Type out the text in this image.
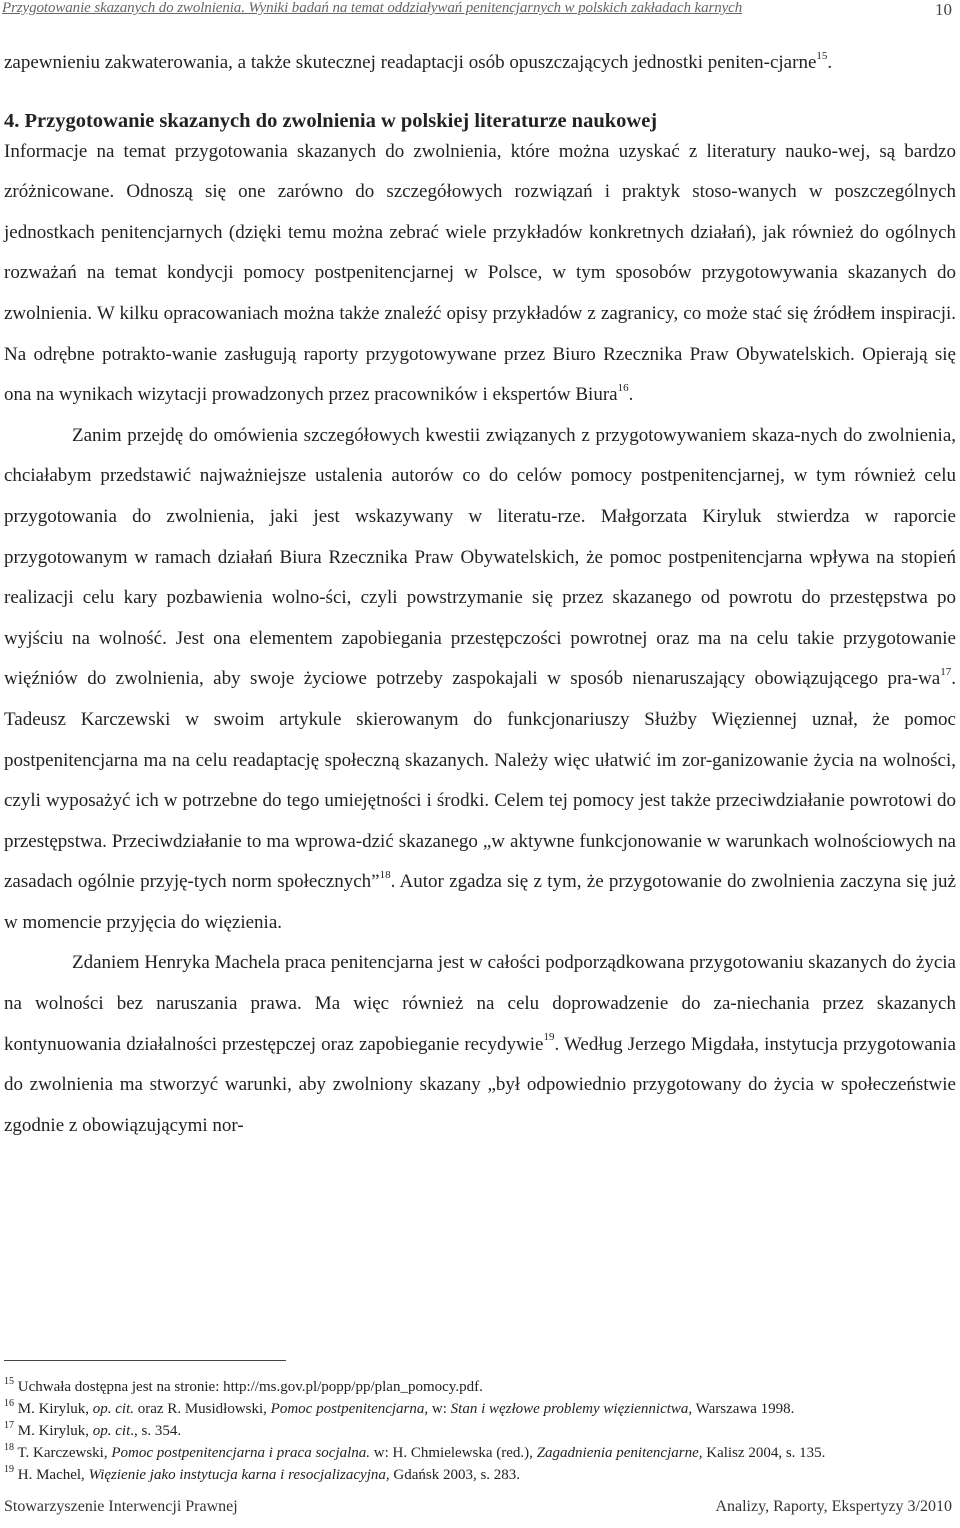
Przygotowanie skazanych do zwolnienia. Wyniki badań na temat oddziaływań penitencjarnych w polskich zakładach karnych	10

zapewnieniu zakwaterowania, a także skutecznej readaptacji osób opuszczających jednostki peniten-cjarne$^{15}$.

4. Przygotowanie skazanych do zwolnienia w polskiej literaturze naukowej

Informacje na temat przygotowania skazanych do zwolnienia, które można uzyskać z literatury nauko-wej, są bardzo zróżnicowane. Odnoszą się one zarówno do szczegółowych rozwiązań i praktyk stoso-wanych w poszczególnych jednostkach penitencjarnych (dzięki temu można zebrać wiele przykładów konkretnych działań), jak również do ogólnych rozważań na temat kondycji pomocy postpenitencjarnej w Polsce, w tym sposobów przygotowywania skazanych do zwolnienia. W kilku opracowaniach można także znaleźć opisy przykładów z zagranicy, co może stać się źródłem inspiracji. Na odrębne potrakto-wanie zasługują raporty przygotowywane przez Biuro Rzecznika Praw Obywatelskich. Opierają się ona na wynikach wizytacji prowadzonych przez pracowników i ekspertów Biura$^{16}$.

Zanim przejdę do omówienia szczegółowych kwestii związanych z przygotowywaniem skaza-nych do zwolnienia, chciałabym przedstawić najważniejsze ustalenia autorów co do celów pomocy postpenitencjarnej, w tym również celu przygotowania do zwolnienia, jaki jest wskazywany w literatu-rze. Małgorzata Kiryluk stwierdza w raporcie przygotowanym w ramach działań Biura Rzecznika Praw Obywatelskich, że pomoc postpenitencjarna wpływa na stopień realizacji celu kary pozbawienia wolno-ści, czyli powstrzymanie się przez skazanego od powrotu do przestępstwa po wyjściu na wolność. Jest ona elementem zapobiegania przestępczości powrotnej oraz ma na celu takie przygotowanie więźniów do zwolnienia, aby swoje życiowe potrzeby zaspokajali w sposób nienaruszający obowiązującego pra-$wa^{17}$. Tadeusz Karczewski w swoim artykule skierowanym do funkcjonariuszy Służby Więziennej uznał, że pomoc postpenitencjarna ma na celu readaptację społeczną skazanych. Należy więc ułatwić im zor-ganizowanie życia na wolności, czyli wyposażyć ich w potrzebne do tego umiejętności i środki. Celem tej pomocy jest także przeciwdziałanie powrotowi do przestępstwa. Przeciwdziałanie to ma wprowa-dzić skazanego „w aktywne funkcjonowanie w warunkach wolnościowych na zasadach ogólnie przyję-tych norm społecznych”$^{18}$. Autor zgadza się z tym, że przygotowanie do zwolnienia zaczyna się już w momencie przyjęcia do więzienia.

Zdaniem Henryka Machela praca penitencjarna jest w całości podporządkowana przygotowaniu skazanych do życia na wolności bez naruszania prawa. Ma więc również na celu doprowadzenie do za-niechania przez skazanych kontynuowania działalności przestępczej oraz zapobieganie recydywie$^{19}$. Według Jerzego Migdała, instytucja przygotowania do zwolnienia ma stworzyć warunki, aby zwolniony skazany „był odpowiednio przygotowany do życia w społeczeństwie zgodnie z obowiązującymi nor-

$^{15}$ Uchwała dostępna jest na stronie: http://ms.gov.pl/popp/pp/plan_pomocy.pdf.
$^{16}$ M. Kiryluk, op. cit. oraz R. Musidłowski, Pomoc postpenitencjarna, w: Stan i węzłowe problemy więziennictwa, Warszawa 1998.
$^{17}$ M. Kiryluk, op. cit., s. 354.
$^{18}$ T. Karczewski, Pomoc postpenitencjarna i praca socjalna. w: H. Chmielewska (red.), Zagadnienia penitencjarne, Kalisz 2004, s. 135.
$^{19}$ H. Machel, Więzienie jako instytucja karna i resocjalizacyjna, Gdańsk 2003, s. 283.
Stowarzyszenie Interwencji Prawnej	Analizy, Raporty, Ekspertyzy 3/2010
